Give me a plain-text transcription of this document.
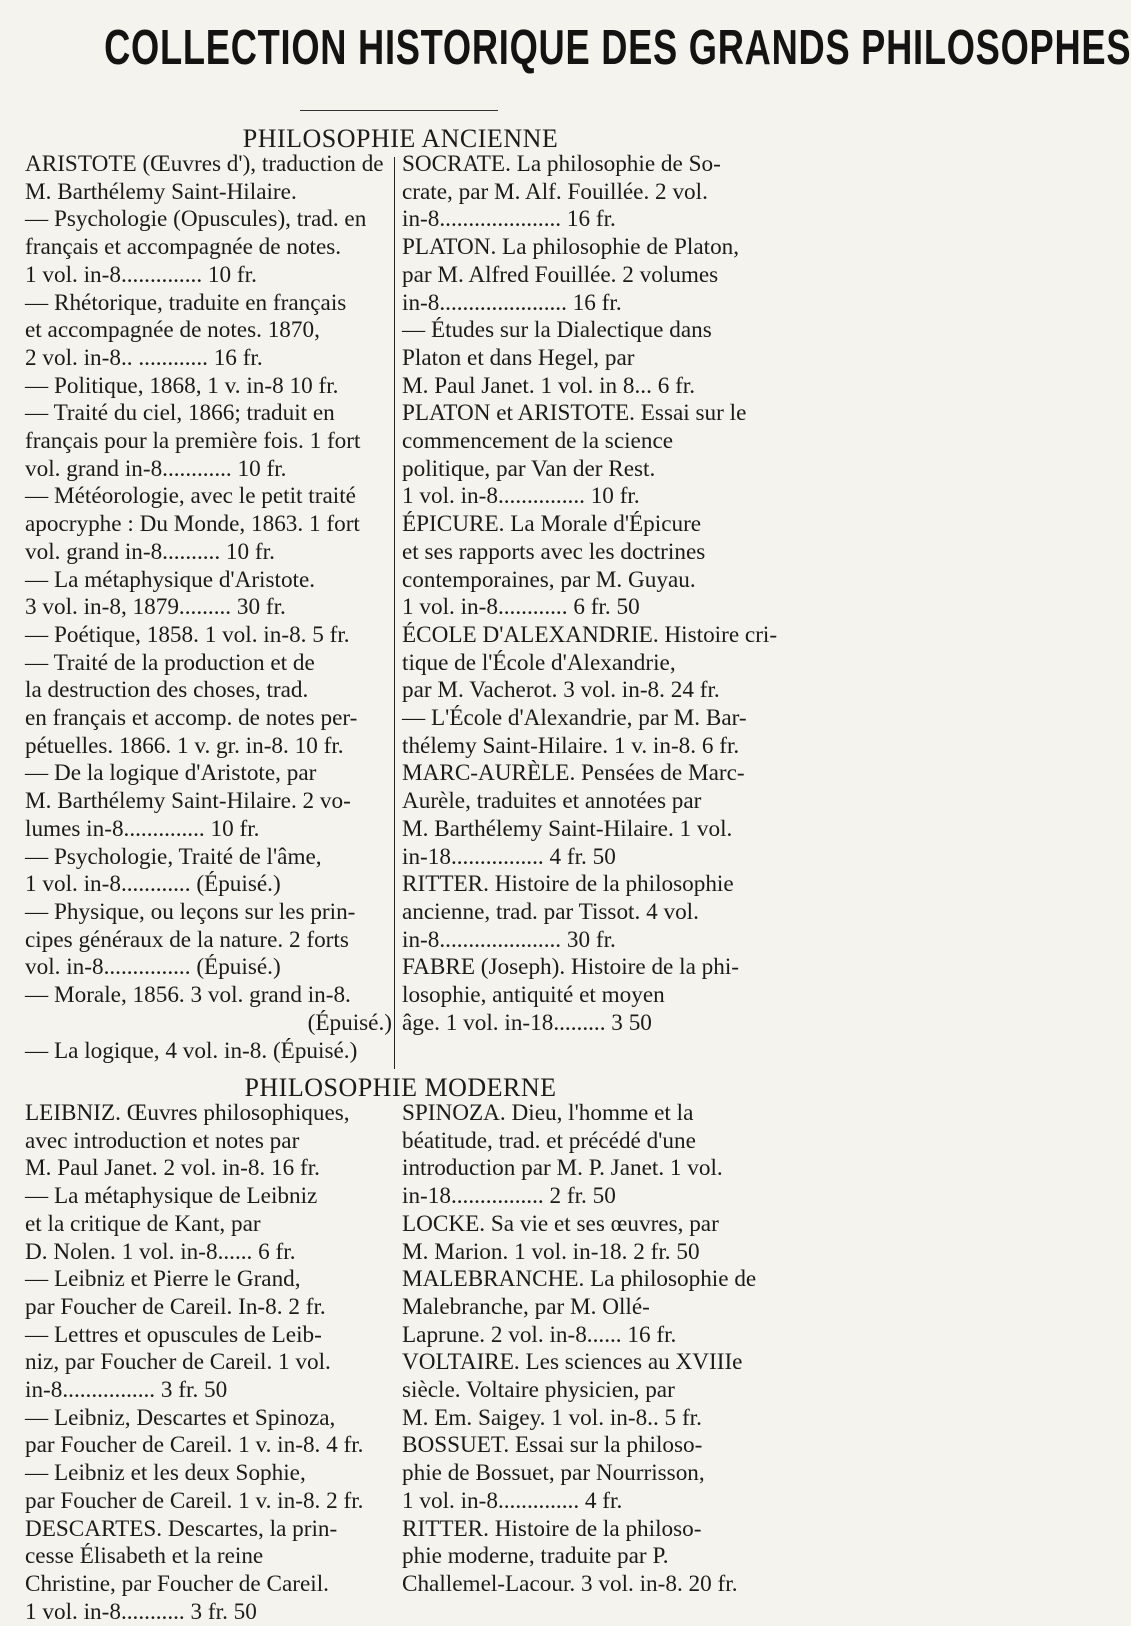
COLLECTION HISTORIQUE DES GRANDS PHILOSOPHES
PHILOSOPHIE ANCIENNE
ARISTOTE (Œuvres d'), traduction de
M. Barthélemy Saint-Hilaire.
— Psychologie (Opuscules), trad. en
français et accompagnée de notes.
1 vol. in-8.............. 10 fr.
— Rhétorique, traduite en français
et accompagnée de notes. 1870,
2 vol. in-8.. ............ 16 fr.
— Politique, 1868, 1 v. in-8 10 fr.
— Traité du ciel, 1866; traduit en
français pour la première fois. 1 fort
vol. grand in-8............ 10 fr.
— Météorologie, avec le petit traité
apocryphe : Du Monde, 1863. 1 fort
vol. grand in-8.......... 10 fr.
— La métaphysique d'Aristote.
3 vol. in-8, 1879......... 30 fr.
— Poétique, 1858. 1 vol. in-8. 5 fr.
— Traité de la production et de
la destruction des choses, trad.
en français et accomp. de notes per-
pétuelles. 1866. 1 v. gr. in-8. 10 fr.
— De la logique d'Aristote, par
M. Barthélemy Saint-Hilaire. 2 vo-
lumes in-8.............. 10 fr.
— Psychologie, Traité de l'âme,
1 vol. in-8............ (Épuisé.)
— Physique, ou leçons sur les prin-
cipes généraux de la nature. 2 forts
vol. in-8............... (Épuisé.)
— Morale, 1856. 3 vol. grand in-8.
(Épuisé.)
— La logique, 4 vol. in-8. (Épuisé.)
SOCRATE. La philosophie de So-
crate, par M. Alf. Fouillée. 2 vol.
in-8..................... 16 fr.
PLATON. La philosophie de Platon,
par M. Alfred Fouillée. 2 volumes
in-8...................... 16 fr.
— Études sur la Dialectique dans
Platon et dans Hegel, par
M. Paul Janet. 1 vol. in 8... 6 fr.
PLATON et ARISTOTE. Essai sur le
commencement de la science
politique, par Van der Rest.
1 vol. in-8............... 10 fr.
ÉPICURE. La Morale d'Épicure
et ses rapports avec les doctrines
contemporaines, par M. Guyau.
1 vol. in-8............ 6 fr. 50
ÉCOLE D'ALEXANDRIE. Histoire cri-
tique de l'École d'Alexandrie,
par M. Vacherot. 3 vol. in-8. 24 fr.
— L'École d'Alexandrie, par M. Bar-
thélemy Saint-Hilaire. 1 v. in-8. 6 fr.
MARC-AURÈLE. Pensées de Marc-
Aurèle, traduites et annotées par
M. Barthélemy Saint-Hilaire. 1 vol.
in-18................ 4 fr. 50
RITTER. Histoire de la philosophie
ancienne, trad. par Tissot. 4 vol.
in-8..................... 30 fr.
FABRE (Joseph). Histoire de la phi-
losophie, antiquité et moyen
âge. 1 vol. in-18......... 3 50
PHILOSOPHIE MODERNE
LEIBNIZ. Œuvres philosophiques,
avec introduction et notes par
M. Paul Janet. 2 vol. in-8. 16 fr.
— La métaphysique de Leibniz
et la critique de Kant, par
D. Nolen. 1 vol. in-8...... 6 fr.
— Leibniz et Pierre le Grand,
par Foucher de Careil. In-8. 2 fr.
— Lettres et opuscules de Leib-
niz, par Foucher de Careil. 1 vol.
in-8................ 3 fr. 50
— Leibniz, Descartes et Spinoza,
par Foucher de Careil. 1 v. in-8. 4 fr.
— Leibniz et les deux Sophie,
par Foucher de Careil. 1 v. in-8. 2 fr.
DESCARTES. Descartes, la prin-
cesse Élisabeth et la reine
Christine, par Foucher de Careil.
1 vol. in-8........... 3 fr. 50
SPINOZA. Dieu, l'homme et la
béatitude, trad. et précédé d'une
introduction par M. P. Janet. 1 vol.
in-18................ 2 fr. 50
LOCKE. Sa vie et ses œuvres, par
M. Marion. 1 vol. in-18. 2 fr. 50
MALEBRANCHE. La philosophie de
Malebranche, par M. Ollé-
Laprune. 2 vol. in-8...... 16 fr.
VOLTAIRE. Les sciences au XVIIIe
siècle. Voltaire physicien, par
M. Em. Saigey. 1 vol. in-8.. 5 fr.
BOSSUET. Essai sur la philoso-
phie de Bossuet, par Nourrisson,
1 vol. in-8.............. 4 fr.
RITTER. Histoire de la philoso-
phie moderne, traduite par P.
Challemel-Lacour. 3 vol. in-8. 20 fr.
